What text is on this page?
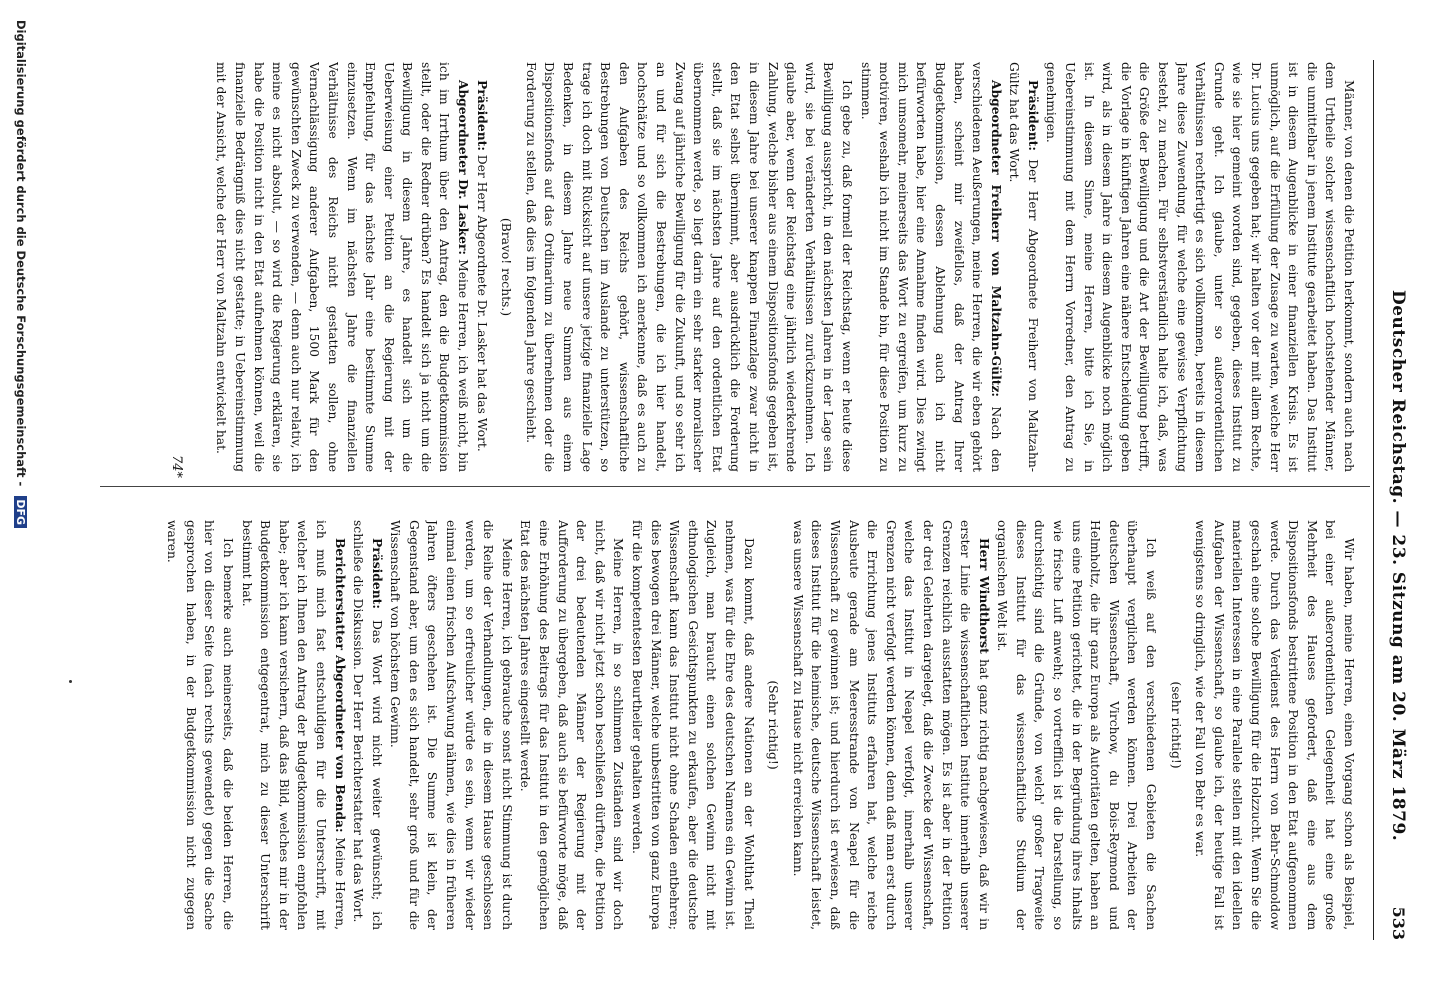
Deutscher Reichstag. — 23. Sitzung am 20. März 1879.
533

Männer, von denen die Petition herkommt, sondern auch nach dem Urtheile solcher wissenschaftlich hochstehender Männer, die unmittelbar in jenem Institute gearbeitet haben. Das Institut ist in diesem Augenblicke in einer finanziellen Krisis. Es ist unmöglich, auf die Erfüllung der Zusage zu warten, welche Herr Dr. Lucius uns gegeben hat; wir halten vor der mit allem Rechte, wie sie hier gemeint worden sind, gegeben, dieses Institut zu Grunde geht. Ich glaube, unter so außerordentlichen Verhältnissen rechtfertigt es sich vollkommen, bereits in diesem Jahre diese Zuwendung, für welche eine gewisse Verpflichtung besteht, zu machen. Für selbstverständlich halte ich, daß, was die Größe der Bewilligung und die Art der Bewilligung betrifft, die Vorlage in künftigen Jahren eine nähere Entscheidung geben wird, als in diesem Jahre in diesem Augenblicke noch möglich ist. In diesem Sinne, meine Herren, bitte ich Sie, in Uebereinstimmung mit dem Herrn Vorredner, den Antrag zu genehmigen.

Präsident: Der Herr Abgeordnete Freiherr von Maltzahn-Gültz hat das Wort.

Abgeordneter Freiherr von Maltzahn-Gültz: Nach den verschiedenen Aeußerungen, meine Herren, die wir eben gehört haben, scheint mir zweifellos, daß der Antrag Ihrer Budgetkommission, dessen Ablehnung auch ich nicht befürworten habe, hier eine Annahme finden wird. Dies zwingt mich umsomehr, meinerseits das Wort zu ergreifen, um kurz zu motiviren, weshalb ich nicht im Stande bin, für diese Position zu stimmen.

Ich gebe zu, daß formell der Reichstag, wenn er heute diese Bewilligung ausspricht, in den nächsten Jahren in der Lage sein wird, sie bei veränderten Verhältnissen zurückzunehmen. Ich glaube aber, wenn der Reichstag eine jährlich wiederkehrende Zahlung, welche bisher aus einem Dispositionsfonds gegeben ist, in diesem Jahre bei unserer knappen Finanzlage zwar nicht in den Etat selbst übernimmt, aber ausdrücklich die Forderung stellt, daß sie im nächsten Jahre auf den ordentlichen Etat übernommen werde, so liegt darin ein sehr starker moralischer Zwang auf jährliche Bewilligung für die Zukunft, und so sehr ich an und für sich die Bestrebungen, die ich hier handelt, hochschätze und so vollkommen ich anerkenne, daß es auch zu den Aufgaben des Reichs gehört, wissenschaftliche Bestrebungen von Deutschen im Auslande zu unterstützen, so trage ich doch mit Rücksicht auf unsere jetzige finanzielle Lage Bedenken, in diesem Jahre neue Summen aus einem Dispositionsfonds auf das Ordinarium zu übernehmen oder die Forderung zu stellen, daß dies im folgenden Jahre geschieht.

(Bravo! rechts.)

Präsident: Der Herr Abgeordnete Dr. Lasker hat das Wort.

Abgeordneter Dr. Lasker: Meine Herren, ich weiß nicht, bin ich im Irrthum über den Antrag, den die Budgetkommission stellt, oder die Redner drüben? Es handelt sich ja nicht um die Bewilligung in diesem Jahre, es handelt sich um die Ueberweisung einer Petition an die Regierung mit der Empfehlung, für das nächste Jahr eine bestimmte Summe einzusetzen. Wenn im nächsten Jahre die finanziellen Verhältnisse des Reichs nicht gestatten sollen, ohne Vernachlässigung anderer Aufgaben, 1500 Mark für den gewünschten Zweck zu verwenden, — denn auch nur relativ, ich meine es nicht absolut, — so wird die Regierung erklären, sie habe die Position nicht in den Etat aufnehmen können, weil die finanzielle Bedrängniß dies nicht gestatte; in Uebereinstimmung mit der Ansicht, welche der Herr von Maltzahn entwickelt hat.

Wir haben, meine Herren, einen Vorgang schon als Beispiel, bei einer außerordentlichen Gelegenheit hat eine große Mehrheit des Hauses gefordert, daß eine aus dem Dispositionsfonds bestrittene Position in den Etat aufgenommen werde. Durch das Verdienst des Herrn von Behr-Schmoldow geschah eine solche Bewilligung für die Holzzucht. Wenn Sie die materiellen Interessen in eine Parallele stellen mit den ideellen Aufgaben der Wissenschaft, so glaube ich, der heutige Fall ist wenigstens so dringlich, wie der Fall von Behr es war.

(sehr richtig!)

Ich weiß auf den verschiedenen Gebieten die Sachen überhaupt verglichen werden können. Drei Arbeiten der deutschen Wissenschaft, Virchow, du Bois-Reymond und Helmholtz, die ihr ganz Europa als Autoritäten gelten, haben an uns eine Petition gerichtet, die in der Begründung ihres Inhalts wie frische Luft anweht; so vortrefflich ist die Darstellung, so durchsichtig sind die Gründe, von welch' großer Tragweite dieses Institut für das wissenschaftliche Studium der organischen Welt ist.

Herr Windthorst hat ganz richtig nachgewiesen, daß wir in erster Linie die wissenschaftlichen Institute innerhalb unserer Grenzen reichlich ausstatten mögen. Es ist aber in der Petition der drei Gelehrten dargelegt, daß die Zwecke der Wissenschaft, welche das Institut in Neapel verfolgt, innerhalb unserer Grenzen nicht verfolgt werden können, denn daß man erst durch die Errichtung jenes Instituts erfahren hat, welche reiche Ausbeute gerade am Meeresstrande von Neapel für die Wissenschaft zu gewinnen ist; und hierdurch ist erwiesen, daß dieses Institut für die heimische, deutsche Wissenschaft leistet, was unsere Wissenschaft zu Hause nicht erreichen kann.

(Sehr richtig!)

Dazu kommt, daß andere Nationen an der Wohlthat Theil nehmen, was für die Ehre des deutschen Namens ein Gewinn ist. Zugleich, man braucht einen solchen Gewinn nicht mit ethnologischen Gesichtspunkten zu erkaufen, aber die deutsche Wissenschaft kann das Institut nicht ohne Schaden entbehren; dies bewogen drei Männer, welche unbestritten von ganz Europa für die kompetentesten Beurtheiler gehalten werden.

Meine Herren, in so schlimmen Zuständen sind wir doch nicht, daß wir nicht jetzt schon beschließen dürften, die Petition der drei bedeutenden Männer der Regierung mit der Aufforderung zu übergeben, daß auch sie befürworte möge, daß eine Erhöhung des Beitrags für das Institut in den gemöglichen Etat des nächsten Jahres eingestellt werde.

Meine Herren, ich gebrauche sonst nicht Stimmung ist durch die Reihe der Verhandlungen, die in diesem Hause geschlossen werden, um so erfreulicher würde es sein, wenn wir wieder einmal einen frischen Aufschwung nähmen, wie dies in früheren Jahren öfters geschehen ist. Die Summe ist klein, der Gegenstand aber, um den es sich handelt, sehr groß und für die Wissenschaft von höchstem Gewinn.

Präsident: Das Wort wird nicht weiter gewünscht; ich schließe die Diskussion. Der Herr Berichterstatter hat das Wort.

Berichterstatter Abgeordneter von Benda: Meine Herren, ich muß mich fast entschuldigen für die Unterschrift, mit welcher ich Ihnen den Antrag der Budgetkommission empfohlen habe; aber ich kann versichern, daß das Bild, welches mir in der Budgetkommission entgegentrat, mich zu dieser Unterschrift bestimmt hat.

Ich bemerke auch meinerseits, daß die beiden Herren, die hier von dieser Seite (nach rechts gewendet) gegen die Sache gesprochen haben, in der Budgetkommission nicht zugegen waren.

74*
Digitalisierung gefördert durch die Deutsche Forschungsgemeinschaft - DFG
